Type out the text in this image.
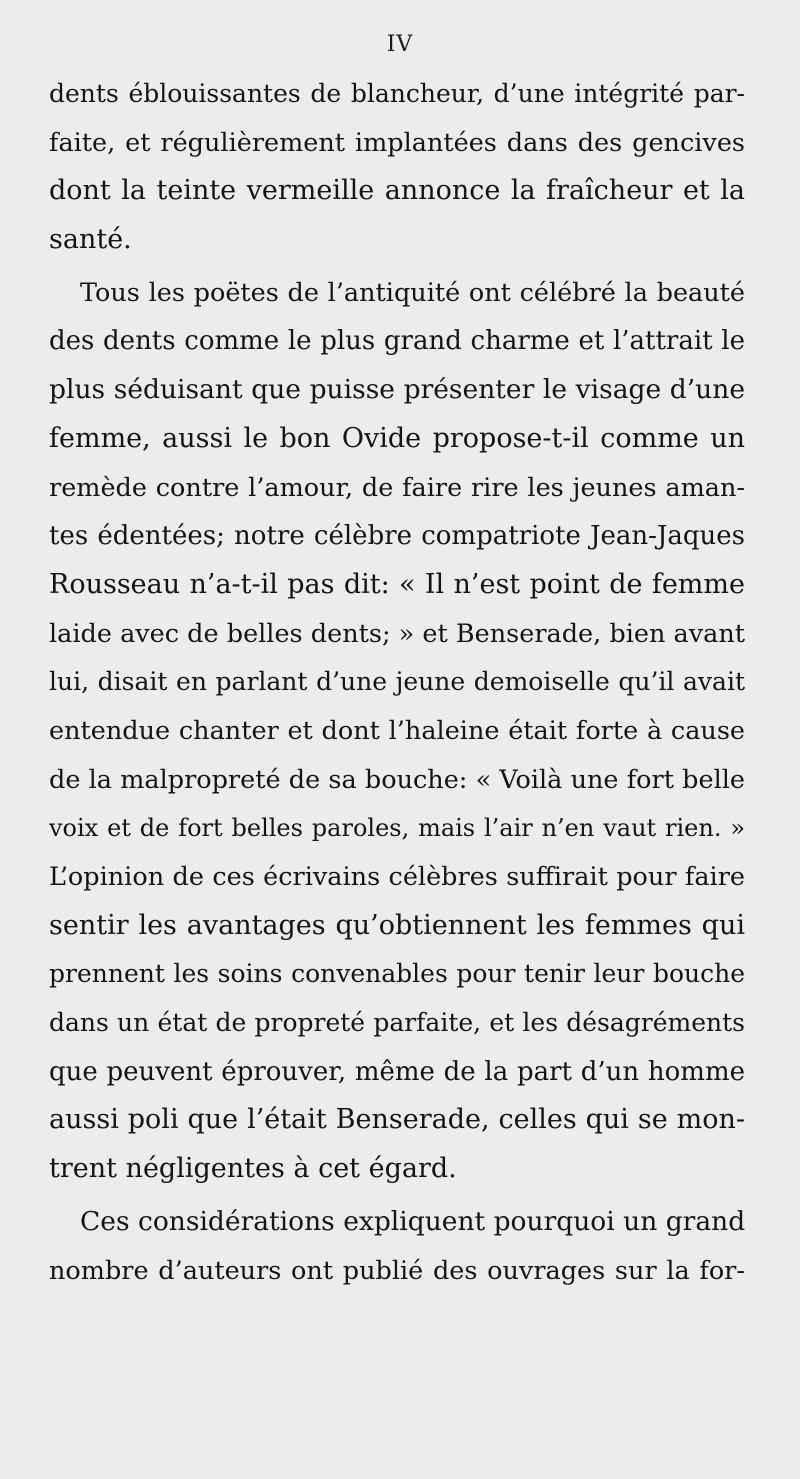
IV
dents éblouissantes de blancheur, d’une intégrité par-
faite, et régulièrement implantées dans des gencives
dont la teinte vermeille annonce la fraîcheur et la
santé.
Tous les poëtes de l’antiquité ont célébré la beauté
des dents comme le plus grand charme et l’attrait le
plus séduisant que puisse présenter le visage d’une
femme, aussi le bon Ovide propose-t-il comme un
remède contre l’amour, de faire rire les jeunes aman-
tes édentées; notre célèbre compatriote Jean-Jaques
Rousseau n’a-t-il pas dit: « Il n’est point de femme
laide avec de belles dents; » et Benserade, bien avant
lui, disait en parlant d’une jeune demoiselle qu’il avait
entendue chanter et dont l’haleine était forte à cause
de la malpropreté de sa bouche: « Voilà une fort belle
voix et de fort belles paroles, mais l’air n’en vaut rien. »
L’opinion de ces écrivains célèbres suffirait pour faire
sentir les avantages qu’obtiennent les femmes qui
prennent les soins convenables pour tenir leur bouche
dans un état de propreté parfaite, et les désagréments
que peuvent éprouver, même de la part d’un homme
aussi poli que l’était Benserade, celles qui se mon-
trent négligentes à cet égard.
Ces considérations expliquent pourquoi un grand
nombre d’auteurs ont publié des ouvrages sur la for-
